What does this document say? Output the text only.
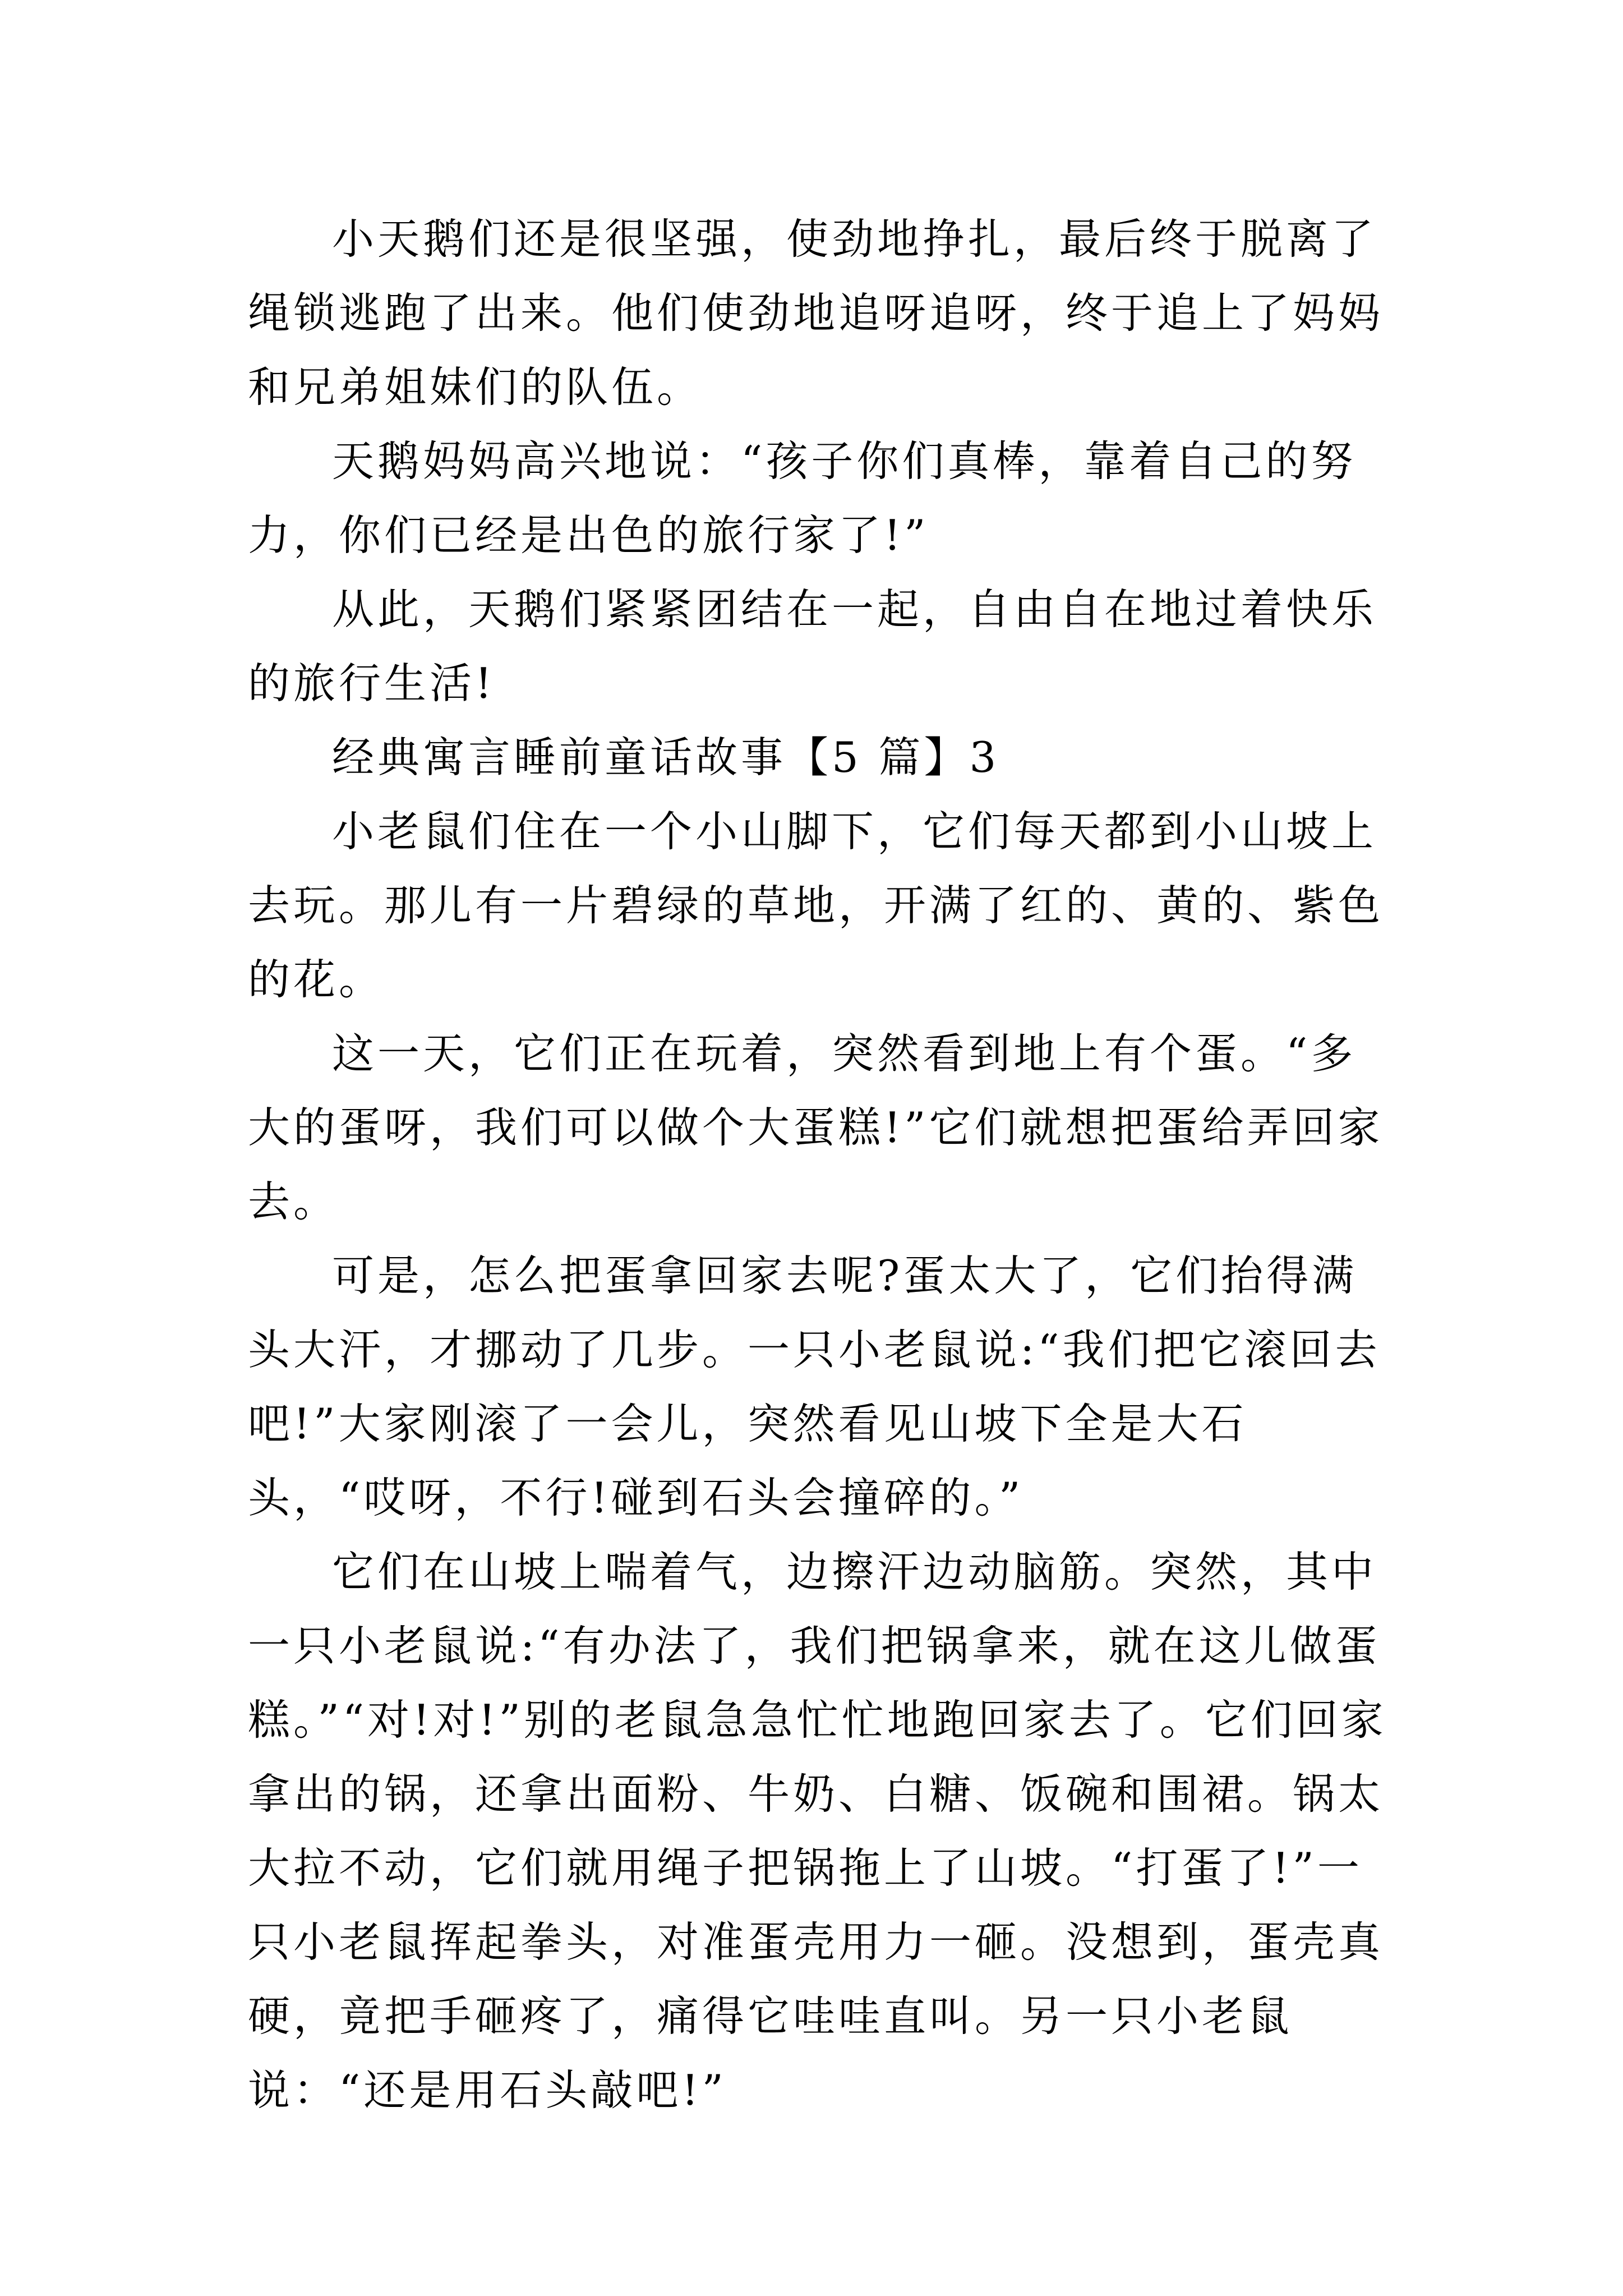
小天鹅们还是很坚强，使劲地挣扎，最后终于脱离了绳锁逃跑了出来。他们使劲地追呀追呀，终于追上了妈妈和兄弟姐妹们的队伍。

天鹅妈妈高兴地说：“孩子你们真棒，靠着自己的努力，你们已经是出色的旅行家了!”

从此，天鹅们紧紧团结在一起，自由自在地过着快乐的旅行生活!

经典寓言睡前童话故事【5 篇】3

小老鼠们住在一个小山脚下，它们每天都到小山坡上去玩。那儿有一片碧绿的草地，开满了红的、黄的、紫色的花。

这一天，它们正在玩着，突然看到地上有个蛋。“多大的蛋呀，我们可以做个大蛋糕!”它们就想把蛋给弄回家去。

可是，怎么把蛋拿回家去呢?蛋太大了，它们抬得满头大汗，才挪动了几步。一只小老鼠说:“我们把它滚回去吧!”大家刚滚了一会儿，突然看见山坡下全是大石头，“哎呀，不行!碰到石头会撞碎的。”

它们在山坡上喘着气，边擦汗边动脑筋。突然，其中一只小老鼠说:“有办法了，我们把锅拿来，就在这儿做蛋糕。”“对!对!”别的老鼠急急忙忙地跑回家去了。它们回家拿出的锅，还拿出面粉、牛奶、白糖、饭碗和围裙。锅太大拉不动，它们就用绳子把锅拖上了山坡。“打蛋了!”一只小老鼠挥起拳头，对准蛋壳用力一砸。没想到，蛋壳真硬，竟把手砸疼了，痛得它哇哇直叫。另一只小老鼠说：“还是用石头敲吧!”
